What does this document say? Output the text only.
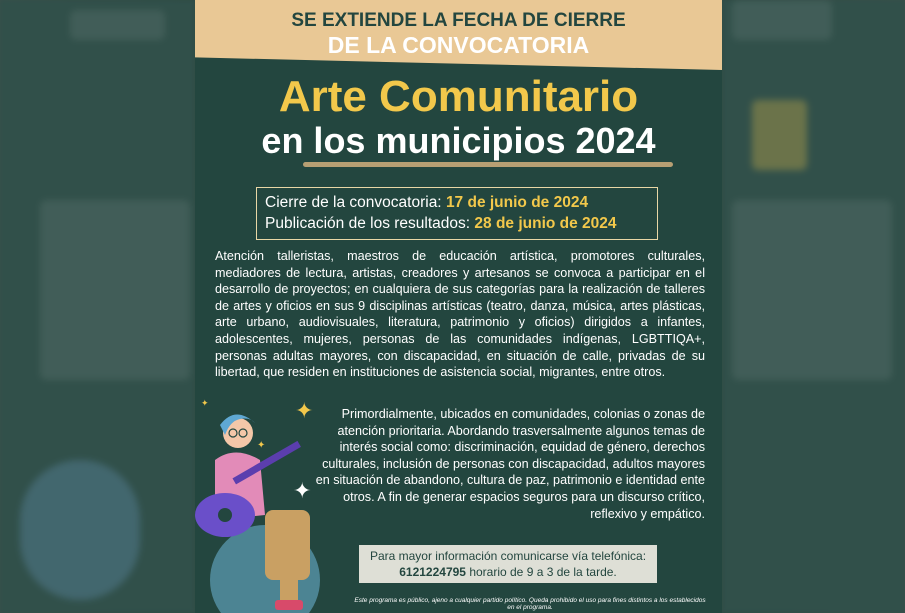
SE EXTIENDE LA FECHA DE CIERRE
DE LA CONVOCATORIA
Arte Comunitario
en los municipios 2024
Cierre de la convocatoria: 17 de junio de 2024
Publicación de los resultados: 28 de junio de 2024
Atención talleristas, maestros de educación artística, promotores culturales, mediadores de lectura, artistas, creadores y artesanos se convoca a participar en el desarrollo de proyectos; en cualquiera de sus categorías para la realización de talleres de artes y oficios en sus 9 disciplinas artísticas (teatro, danza, música, artes plásticas, arte urbano, audiovisuales, literatura, patrimonio y oficios) dirigidos a infantes, adolescentes, mujeres, personas de las comunidades indígenas, LGBTTIQA+, personas adultas mayores, con discapacidad, en situación de calle, privadas de su libertad, que residen en instituciones de asistencia social, migrantes, entre otros.
Primordialmente, ubicados en comunidades, colonias o zonas de atención prioritaria. Abordando trasversalmente algunos temas de interés social como: discriminación, equidad de género, derechos culturales, inclusión de personas con discapacidad, adultos mayores en situación de abandono, cultura de paz, patrimonio e identidad ente otros. A fin de generar espacios seguros para un discurso crítico, reflexivo y empático.
✦
✦
✦
✦
Para mayor información comunicarse vía telefónica:
6121224795 horario de 9 a 3 de la tarde.
Este programa es público, ajeno a cualquier partido político. Queda prohibido el uso para fines distintos a los establecidos en el programa.
